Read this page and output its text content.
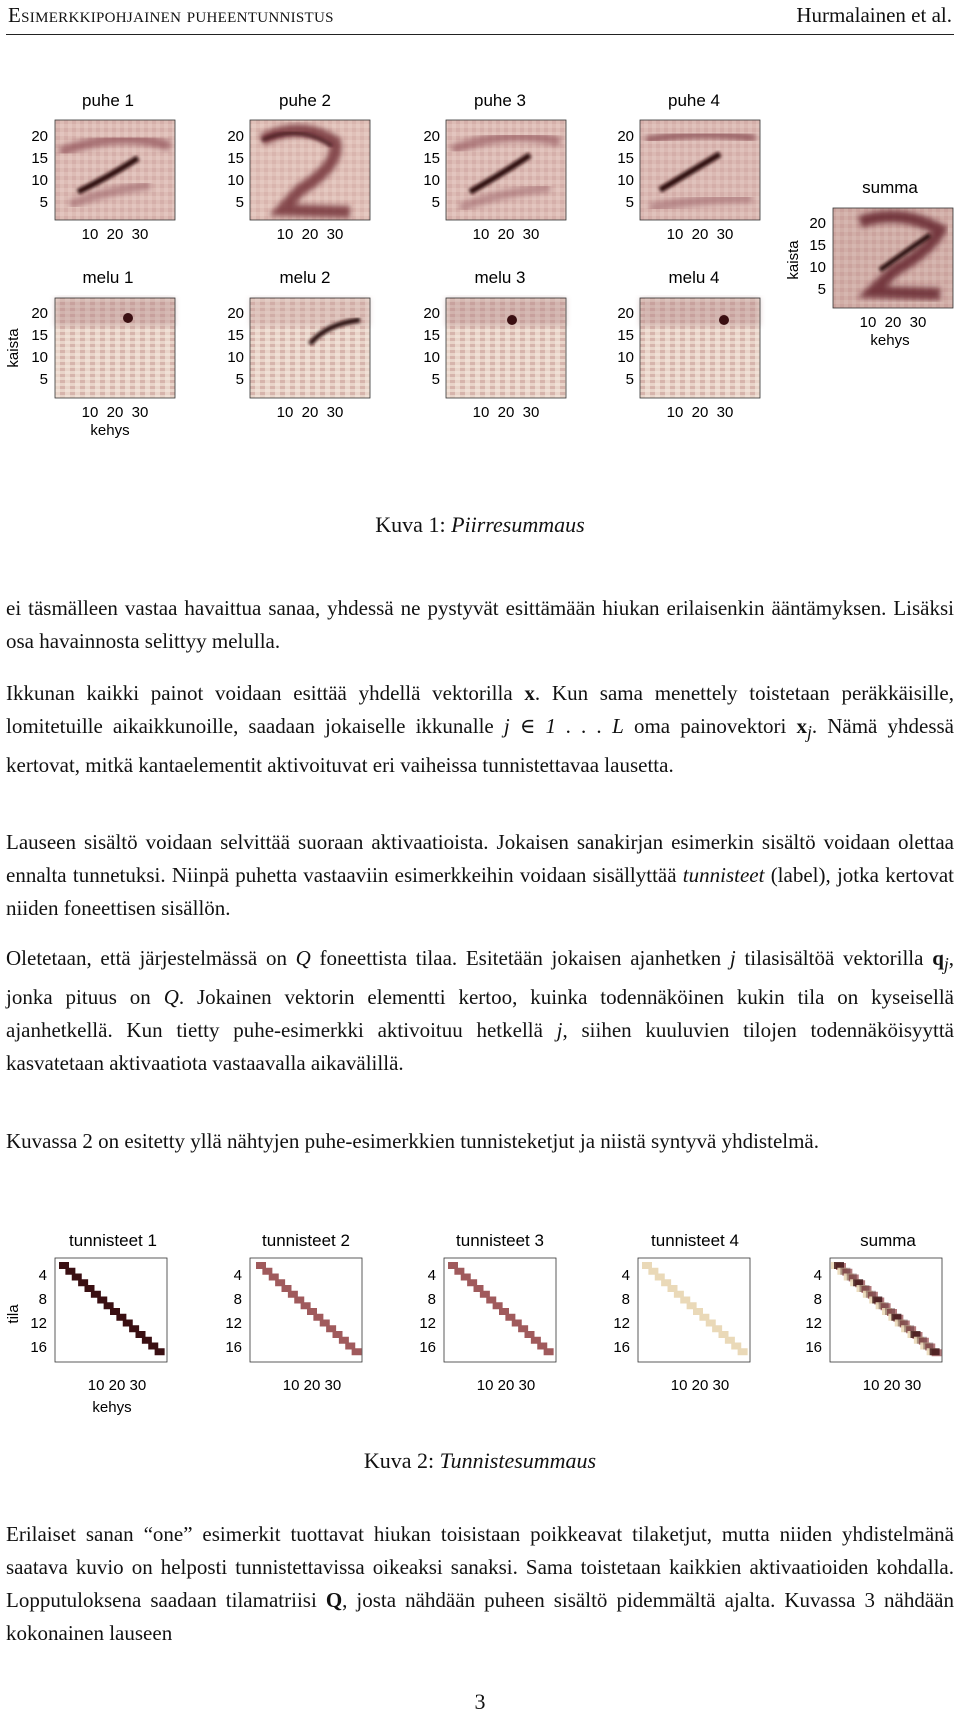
Esimerkkipohjainen puheentunnistus	Hurmalainen et al.
puhe 1	puhe 2	puhe 3	puhe 4
20
15
10
5
10  20  30
20
15
10
5
10  20  30
20
15
10
5
10  20  30
20
15
10
5
10  20  30
melu 1	melu 2	melu 3	melu 4
20
15
10
5
20
15
10
5
20
15
10
5
20
15
10
5
kaista
10  20  30	10  20  30	10  20  30	10  20  30
kehys
summa
20
15
10
5
kaista
10  20  30
kehys
Kuva 1: Piirresummaus
ei täsmälleen vastaa havaittua sanaa, yhdessä ne pystyvät esittämään hiukan erilaisenkin ääntämyksen. Lisäksi osa havainnosta selittyy melulla.
Ikkunan kaikki painot voidaan esittää yhdellä vektorilla x. Kun sama menettely toistetaan peräkkäisille, lomitetuille aikaikkunoille, saadaan jokaiselle ikkunalle j ∈ 1 . . . L oma painovektori $x_j$. Nämä yhdessä kertovat, mitkä kantaelementit aktivoituvat eri vaiheissa tunnistettavaa lausetta.
Lauseen sisältö voidaan selvittää suoraan aktivaatioista. Jokaisen sanakirjan esimerkin sisältö voidaan olettaa ennalta tunnetuksi. Niinpä puhetta vastaaviin esimerkkeihin voidaan sisällyttää tunnisteet (label), jotka kertovat niiden foneettisen sisällön.
Oletetaan, että järjestelmässä on Q foneettista tilaa. Esitetään jokaisen ajanhetken j tilasisältöä vektorilla $q_j$, jonka pituus on Q. Jokainen vektorin elementti kertoo, kuinka todennäköinen kukin tila on kyseisellä ajanhetkellä. Kun tietty puhe-esimerkki aktivoituu hetkellä j, siihen kuuluvien tilojen todennäköisyyttä kasvatetaan aktivaatiota vastaavalla aikavälillä.
Kuvassa 2 on esitetty yllä nähtyjen puhe-esimerkkien tunnisteketjut ja niistä syntyvä yhdistelmä.
tunnisteet 1	tunnisteet 2	tunnisteet 3	tunnisteet 4	summa
4
8
12
16
10 20 30
4
8
12
16
10 20 30
4
8
12
16
10 20 30
4
8
12
16
10 20 30
4
8
12
16
10 20 30
tila
kehys
Kuva 2: Tunnistesummaus
Erilaiset sanan “one” esimerkit tuottavat hiukan toisistaan poikkeavat tilaketjut, mutta niiden yhdistelmänä saatava kuvio on helposti tunnistettavissa oikeaksi sanaksi. Sama toistetaan kaikkien aktivaatioiden kohdalla. Lopputuloksena saadaan tilamatriisi Q, josta nähdään puheen sisältö pidemmältä ajalta. Kuvassa 3 nähdään kokonainen lauseen
3
